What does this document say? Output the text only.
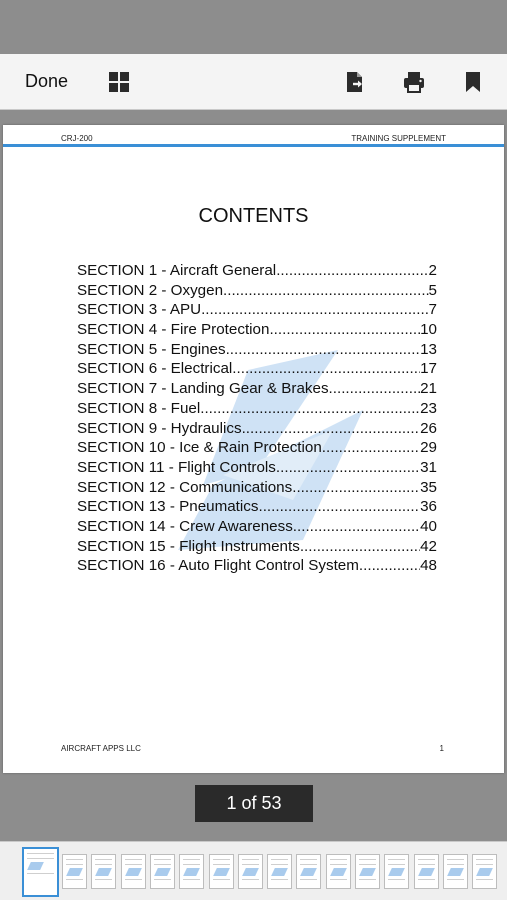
Done
CRJ-200	TRAINING SUPPLEMENT
CONTENTS
SECTION 1 - Aircraft General .....	2
SECTION 2 - Oxygen .....	5
SECTION 3 - APU .....	7
SECTION 4 - Fire Protection .....	10
SECTION 5 - Engines .....	13
SECTION 6 - Electrical .....	17
SECTION 7 - Landing Gear & Brakes .....	21
SECTION 8 - Fuel .....	23
SECTION 9 - Hydraulics .....	26
SECTION 10 - Ice & Rain Protection .....	29
SECTION 11 - Flight Controls .....	31
SECTION 12 - Communications .....	35
SECTION 13 - Pneumatics .....	36
SECTION 14 - Crew Awareness .....	40
SECTION 15 - Flight Instruments .....	42
SECTION 16 - Auto Flight Control System .....	48
AIRCRAFT APPS LLC	1
1 of 53
